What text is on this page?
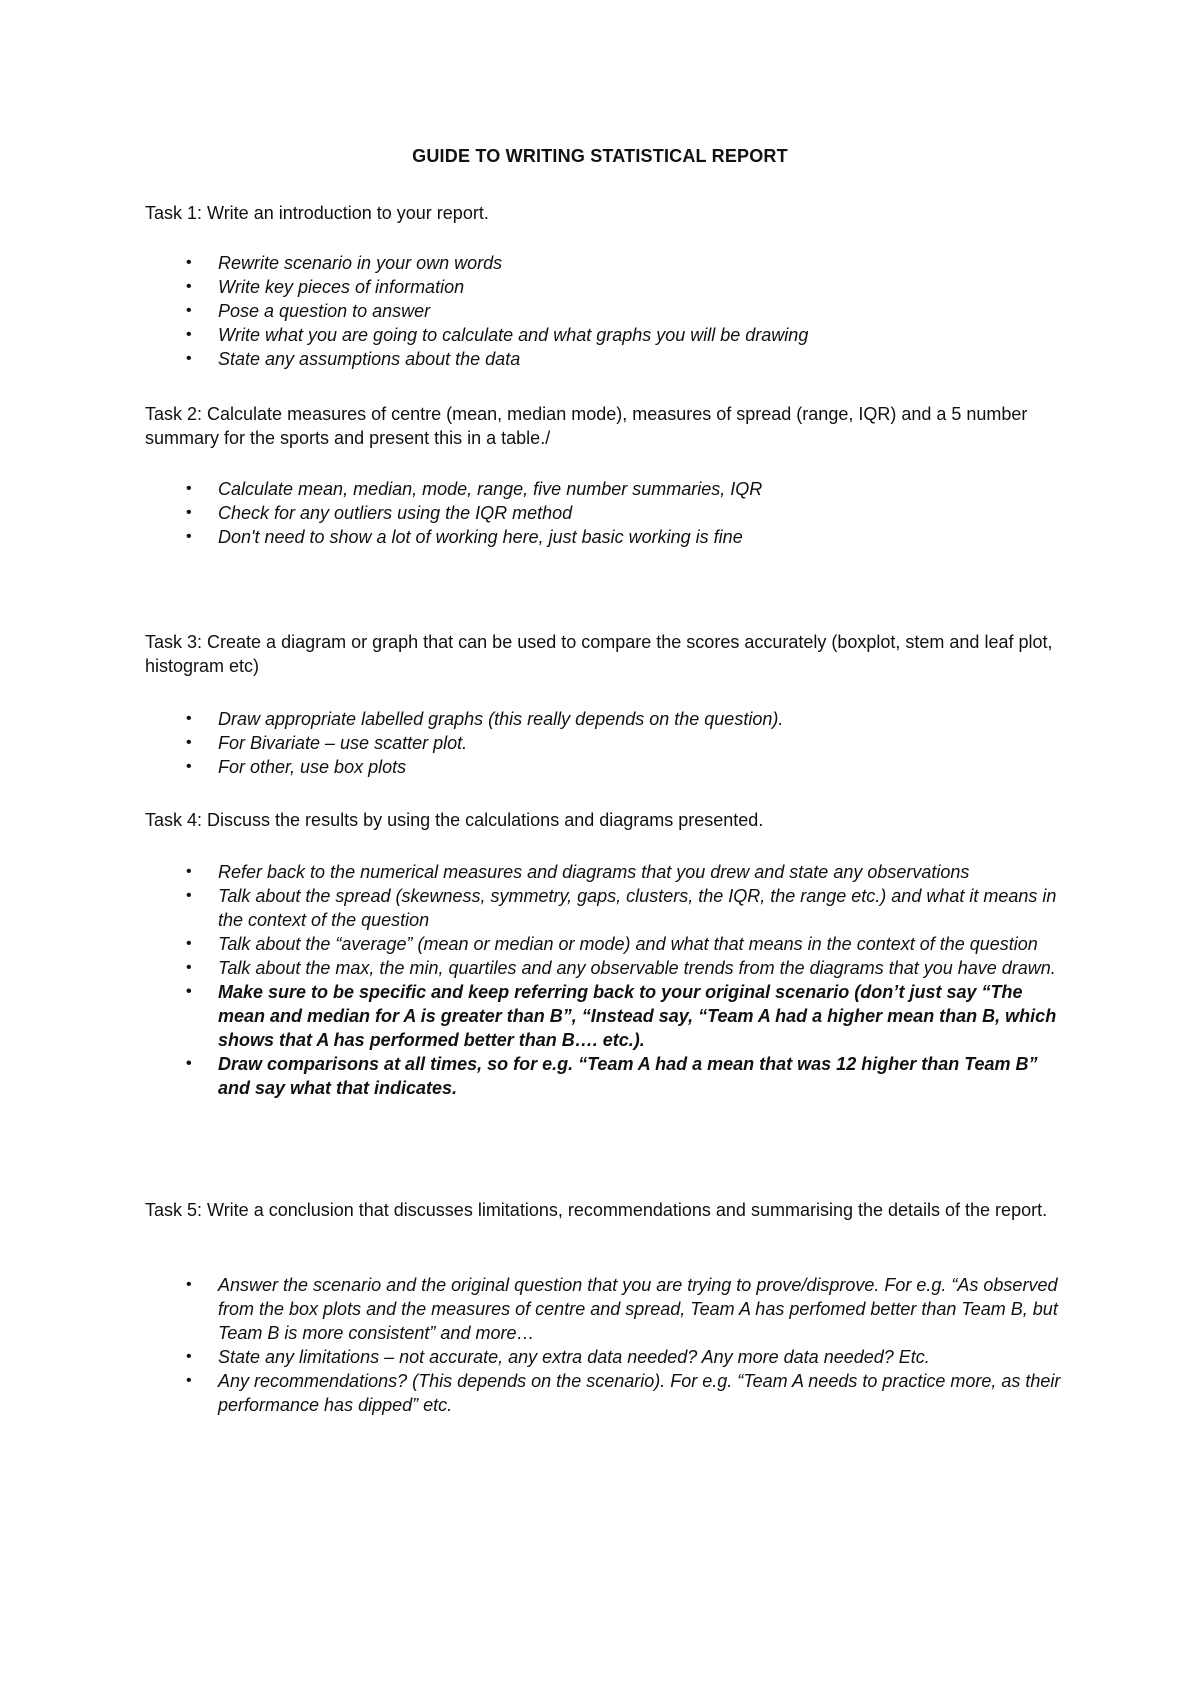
GUIDE TO WRITING STATISTICAL REPORT
Task 1: Write an introduction to your report.
• Rewrite scenario in your own words
• Write key pieces of information
• Pose a question to answer
• Write what you are going to calculate and what graphs you will be drawing
• State any assumptions about the data
Task 2: Calculate measures of centre (mean, median mode), measures of spread (range, IQR) and a 5 number summary for the sports and present this in a table./
• Calculate mean, median, mode, range, five number summaries, IQR
• Check for any outliers using the IQR method
• Don't need to show a lot of working here, just basic working is fine
Task 3: Create a diagram or graph that can be used to compare the scores accurately (boxplot, stem and leaf plot, histogram etc)
• Draw appropriate labelled graphs (this really depends on the question).
• For Bivariate – use scatter plot.
• For other, use box plots
Task 4: Discuss the results by using the calculations and diagrams presented.
• Refer back to the numerical measures and diagrams that you drew and state any observations
• Talk about the spread (skewness, symmetry, gaps, clusters, the IQR, the range etc.) and what it means in the context of the question
• Talk about the “average” (mean or median or mode) and what that means in the context of the question
• Talk about the max, the min, quartiles and any observable trends from the diagrams that you have drawn.
• Make sure to be specific and keep referring back to your original scenario (don’t just say “The mean and median for A is greater than B”, “Instead say, “Team A had a higher mean than B, which shows that A has performed better than B…. etc.).
• Draw comparisons at all times, so for e.g. “Team A had a mean that was 12 higher than Team B” and say what that indicates.
Task 5: Write a conclusion that discusses limitations, recommendations and summarising the details of the report.
• Answer the scenario and the original question that you are trying to prove/disprove. For e.g. “As observed from the box plots and the measures of centre and spread, Team A has perfomed better than Team B, but Team B is more consistent” and more…
• State any limitations – not accurate, any extra data needed? Any more data needed? Etc.
• Any recommendations? (This depends on the scenario). For e.g. “Team A needs to practice more, as their performance has dipped” etc.
